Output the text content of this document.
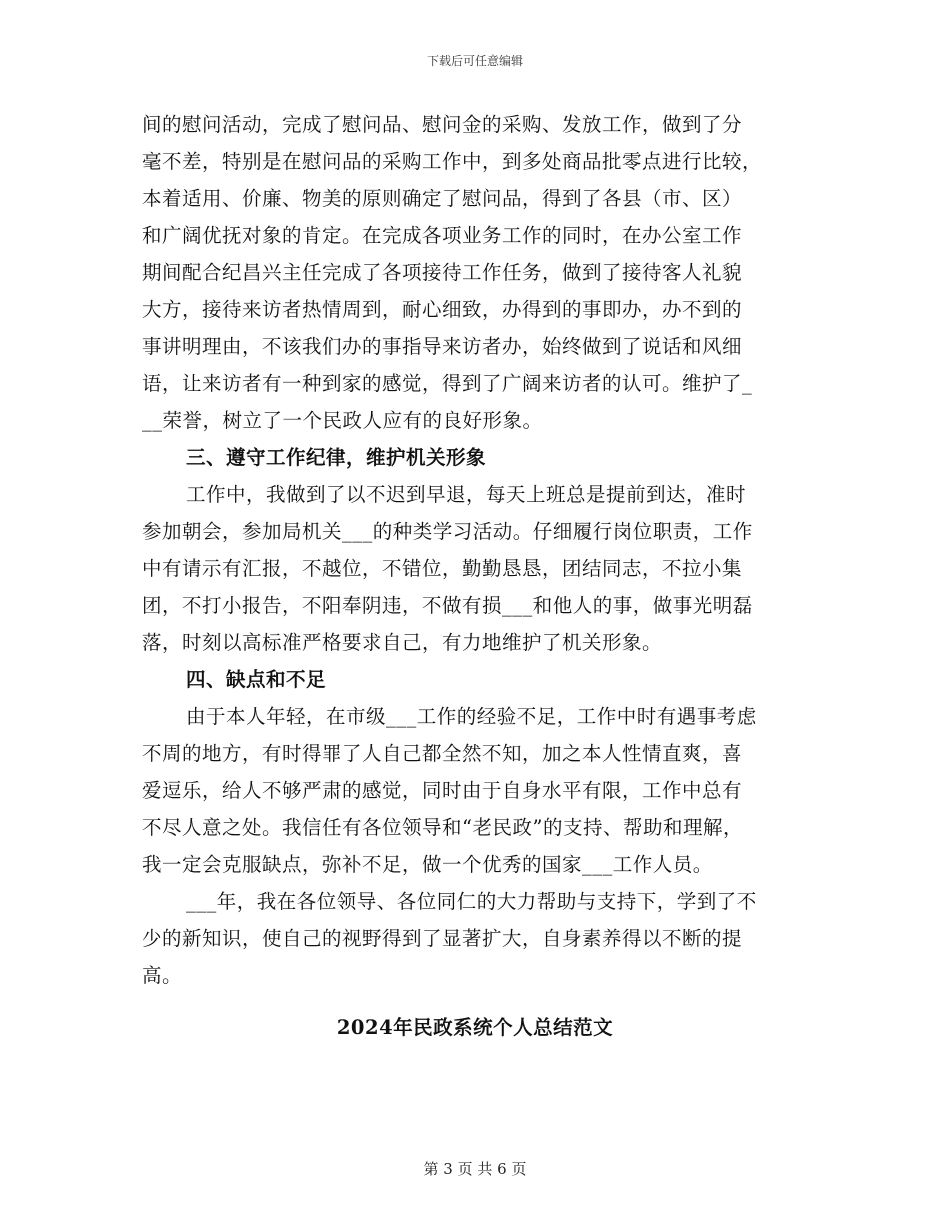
下载后可任意编辑
间的慰问活动，完成了慰问品、慰问金的采购、发放工作，做到了分
毫不差，特别是在慰问品的采购工作中，到多处商品批零点进行比较，
本着适用、价廉、物美的原则确定了慰问品，得到了各县（市、区）
和广阔优抚对象的肯定。在完成各项业务工作的同时，在办公室工作
期间配合纪昌兴主任完成了各项接待工作任务，做到了接待客人礼貌
大方，接待来访者热情周到，耐心细致，办得到的事即办，办不到的
事讲明理由，不该我们办的事指导来访者办，始终做到了说话和风细
语，让来访者有一种到家的感觉，得到了广阔来访者的认可。维护了_
__荣誉，树立了一个民政人应有的良好形象。
三、遵守工作纪律，维护机关形象
工作中，我做到了以不迟到早退，每天上班总是提前到达，准时
参加朝会，参加局机关___的种类学习活动。仔细履行岗位职责，工作
中有请示有汇报，不越位，不错位，勤勤恳恳，团结同志，不拉小集
团，不打小报告，不阳奉阴违，不做有损___和他人的事，做事光明磊
落，时刻以高标准严格要求自己，有力地维护了机关形象。
四、缺点和不足
由于本人年轻，在市级___工作的经验不足，工作中时有遇事考虑
不周的地方，有时得罪了人自己都全然不知，加之本人性情直爽，喜
爱逗乐，给人不够严肃的感觉，同时由于自身水平有限，工作中总有
不尽人意之处。我信任有各位领导和“老民政”的支持、帮助和理解，
我一定会克服缺点，弥补不足，做一个优秀的国家___工作人员。
___年，我在各位领导、各位同仁的大力帮助与支持下，学到了不
少的新知识，使自己的视野得到了显著扩大，自身素养得以不断的提
高。
2024年民政系统个人总结范文
第 3 页 共 6 页
